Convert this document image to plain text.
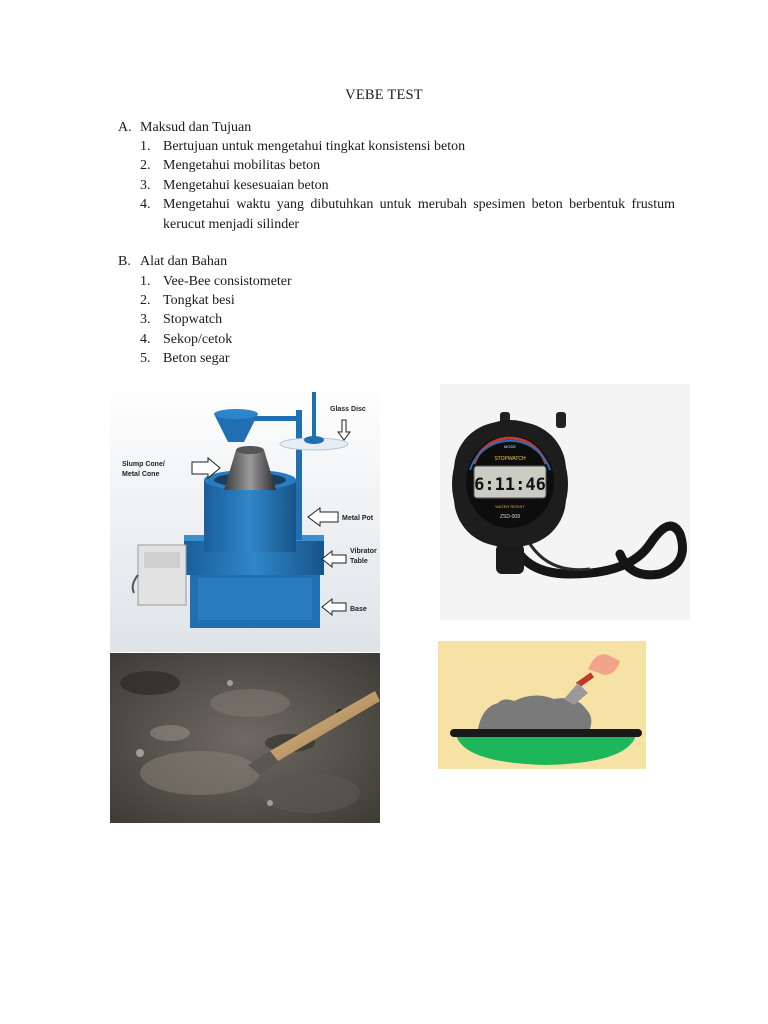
VEBE TEST
A. Maksud dan Tujuan
1. Bertujuan untuk mengetahui tingkat konsistensi beton
2. Mengetahui mobilitas beton
3. Mengetahui kesesuaian beton
4. Mengetahui waktu yang dibutuhkan untuk merubah spesimen beton berbentuk frustum kerucut menjadi silinder
B. Alat dan Bahan
1. Vee-Bee consistometer
2. Tongkat besi
3. Stopwatch
4. Sekop/cetok
5. Beton segar
Glass Disc
Slump Cone/
Metal Cone
Metal Pot
Vibrator
Table
Base
6:11:46
STOPWATCH
MODE
WATER RESIST
ZSD-009
